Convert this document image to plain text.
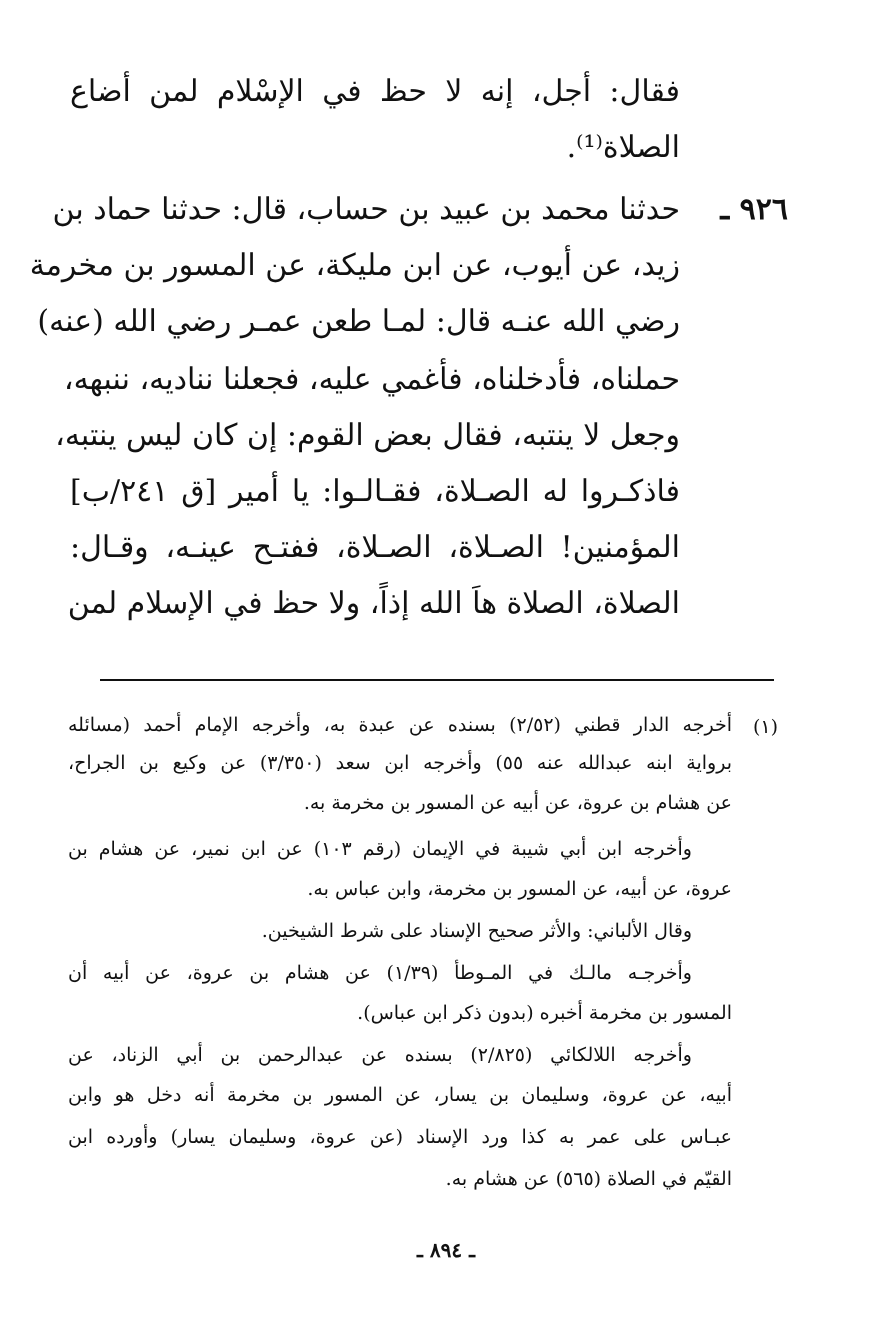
فقال: أجل، إنه لا حظ في الإسْلام لمن أضاع
الصلاة⁽¹⁾.
٩٢٦ ـ
حدثنا محمد بن عبيد بن حساب، قال: حدثنا حماد بن
زيد، عن أيوب، عن ابن مليكة، عن المسور بن مخرمة
رضي الله عنـه قال: لمـا طعن عمـر رضي الله (عنه)
حملناه، فأدخلناه، فأغمي عليه، فجعلنا نناديه، ننبهه،
وجعل لا ينتبه، فقال بعض القوم: إن كان ليس ينتبه،
فاذكـروا له الصـلاة، فقـالـوا: يا أمير [ق ٢٤١/ب]
المؤمنين! الصـلاة، الصـلاة، ففتـح عينـه، وقـال:
الصلاة، الصلاة هاَ الله إذاً، ولا حظ في الإسلام لمن
(١)
أخرجه الدار قطني (٢/٥٢) بسنده عن عبدة به، وأخرجه الإمام أحمد (مسائله
برواية ابنه عبدالله عنه ٥٥) وأخرجه ابن سعد (٣/٣٥٠) عن وكيع بن الجراح،
عن هشام بن عروة، عن أبيه عن المسور بن مخرمة به.
وأخرجه ابن أبي شيبة في الإيمان (رقم ١٠٣) عن ابن نمير، عن هشام بن
عروة، عن أبيه، عن المسور بن مخرمة، وابن عباس به.
وقال الألباني: والأثر صحيح الإسناد على شرط الشيخين.
وأخرجـه مالـك في المـوطأ (١/٣٩) عن هشام بن عروة، عن أبيه أن
المسور بن مخرمة أخبره (بدون ذكر ابن عباس).
وأخرجه اللالكائي (٢/٨٢٥) بسنده عن عبدالرحمن بن أبي الزناد، عن
أبيه، عن عروة، وسليمان بن يسار، عن المسور بن مخرمة أنه دخل هو وابن
عبـاس على عمر به كذا ورد الإسناد (عن عروة، وسليمان يسار) وأورده ابن
القيّم في الصلاة (٥٦٥) عن هشام به.
ـ ٨٩٤ ـ
